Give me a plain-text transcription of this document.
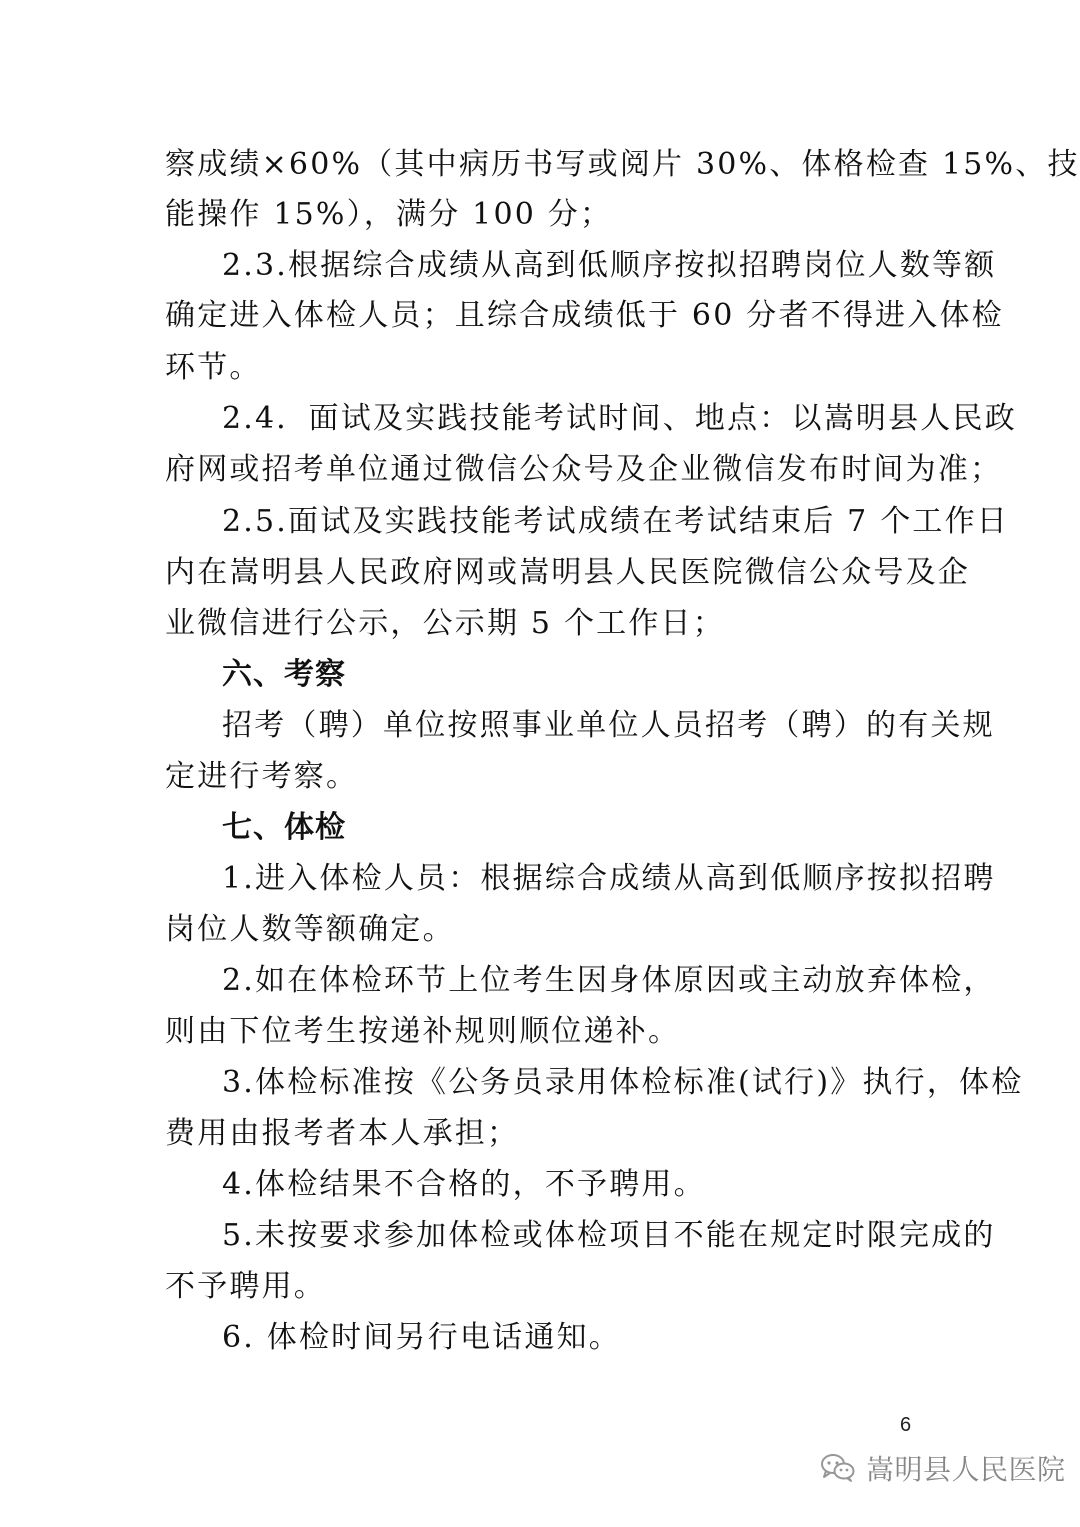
察成绩×60%（其中病历书写或阅片 30%、体格检查 15%、技
能操作 15%），满分 100 分；
2.3.根据综合成绩从高到低顺序按拟招聘岗位人数等额
确定进入体检人员；且综合成绩低于 60 分者不得进入体检
环节。
2.4．面试及实践技能考试时间、地点：以嵩明县人民政
府网或招考单位通过微信公众号及企业微信发布时间为准；
2.5.面试及实践技能考试成绩在考试结束后 7 个工作日
内在嵩明县人民政府网或嵩明县人民医院微信公众号及企
业微信进行公示，公示期 5 个工作日；
六、考察
招考（聘）单位按照事业单位人员招考（聘）的有关规
定进行考察。
七、体检
1.进入体检人员：根据综合成绩从高到低顺序按拟招聘
岗位人数等额确定。
2.如在体检环节上位考生因身体原因或主动放弃体检，
则由下位考生按递补规则顺位递补。
3.体检标准按《公务员录用体检标准(试行)》执行，体检
费用由报考者本人承担；
4.体检结果不合格的，不予聘用。
5.未按要求参加体检或体检项目不能在规定时限完成的
不予聘用。
6. 体检时间另行电话通知。
6
嵩明县人民医院
